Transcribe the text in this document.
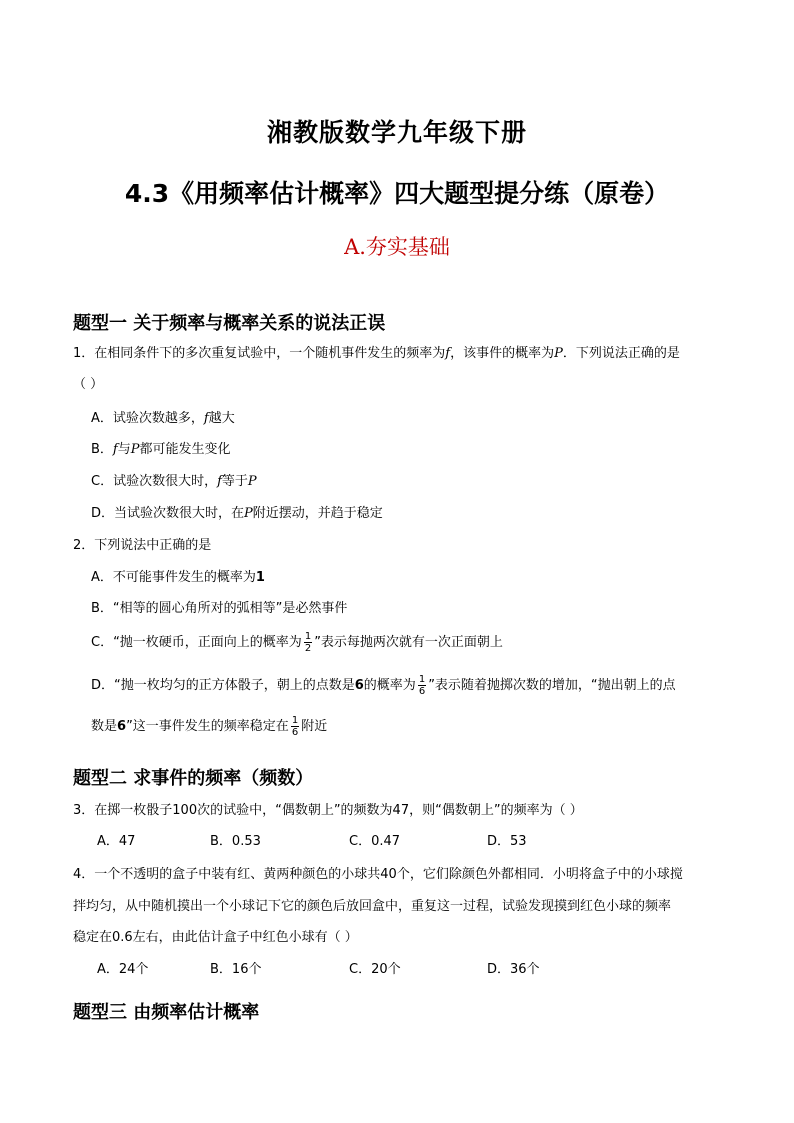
湘教版数学九年级下册
4.3《用频率估计概率》四大题型提分练（原卷）
A.夯实基础
题型一 关于频率与概率关系的说法正误
1．在相同条件下的多次重复试验中，一个随机事件发生的频率为f，该事件的概率为P．下列说法正确的是
（ ）
A．试验次数越多，f越大
B．f与P都可能发生变化
C．试验次数很大时，f等于P
D．当试验次数很大时，在P附近摆动，并趋于稳定
2．下列说法中正确的是
A．不可能事件发生的概率为1
B．“相等的圆心角所对的弧相等”是必然事件
C．“抛一枚硬币，正面向上的概率为 $\frac{1}{2}$ ”表示每抛两次就有一次正面朝上
D．“抛一枚均匀的正方体骰子，朝上的点数是6的概率为 $\frac{1}{6}$ ”表示随着抛掷次数的增加，“抛出朝上的点
数是6”这一事件发生的频率稳定在 $\frac{1}{6}$ 附近
题型二 求事件的频率（频数）
3．在掷一枚骰子100次的试验中，“偶数朝上”的频数为47，则“偶数朝上”的频率为（ ）
A．47	B．0.53	C．0.47	D．53
4．一个不透明的盒子中装有红、黄两种颜色的小球共40个，它们除颜色外都相同．小明将盒子中的小球搅
拌均匀，从中随机摸出一个小球记下它的颜色后放回盒中，重复这一过程，试验发现摸到红色小球的频率
稳定在0.6左右，由此估计盒子中红色小球有（ ）
A．24个	B．16个	C．20个	D．36个
题型三 由频率估计概率
